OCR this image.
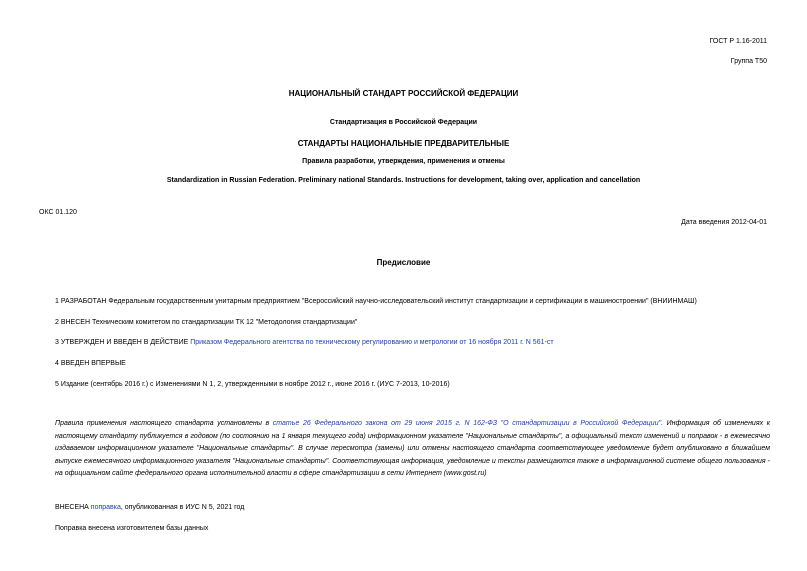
ГОСТ Р 1.16-2011
Группа Т50
НАЦИОНАЛЬНЫЙ СТАНДАРТ РОССИЙСКОЙ ФЕДЕРАЦИИ
Стандартизация в Российской Федерации
СТАНДАРТЫ НАЦИОНАЛЬНЫЕ ПРЕДВАРИТЕЛЬНЫЕ
Правила разработки, утверждения, применения и отмены
Standardization in Russian Federation. Preliminary national Standards. Instructions for development, taking over, application and cancellation
ОКС 01.120
Дата введения 2012-04-01
Предисловие
1 РАЗРАБОТАН Федеральным государственным унитарным предприятием "Всероссийский научно-исследовательский институт стандартизации и сертификации в машиностроении" (ВНИИНМАШ)
2 ВНЕСЕН Техническим комитетом по стандартизации ТК 12 "Методология стандартизации"
3 УТВЕРЖДЕН И ВВЕДЕН В ДЕЙСТВИЕ Приказом Федерального агентства по техническому регулированию и метрологии от 16 ноября 2011 г. N 561-ст
4 ВВЕДЕН ВПЕРВЫЕ
5 Издание (сентябрь 2016 г.) с Изменениями N 1, 2, утвержденными в ноябре 2012 г., июне 2016 г. (ИУС 7-2013, 10-2016)
Правила применения настоящего стандарта установлены в статье 26 Федерального закона от 29 июня 2015 г. N 162-ФЗ "О стандартизации в Российской Федерации". Информация об изменениях к настоящему стандарту публикуется в годовом (по состоянию на 1 января текущего года) информационном указателе "Национальные стандарты", а официальный текст изменений и поправок - в ежемесячно издаваемом информационном указателе "Национальные стандарты". В случае пересмотра (замены) или отмены настоящего стандарта соответствующее уведомление будет опубликовано в ближайшем выпуске ежемесячного информационного указателя "Национальные стандарты". Соответствующая информация, уведомление и тексты размещаются также в информационной системе общего пользования - на официальном сайте федерального органа исполнительной власти в сфере стандартизации в сети Интернет (www.gost.ru)
ВНЕСЕНА поправка, опубликованная в ИУС N 5, 2021 год
Поправка внесена изготовителем базы данных
